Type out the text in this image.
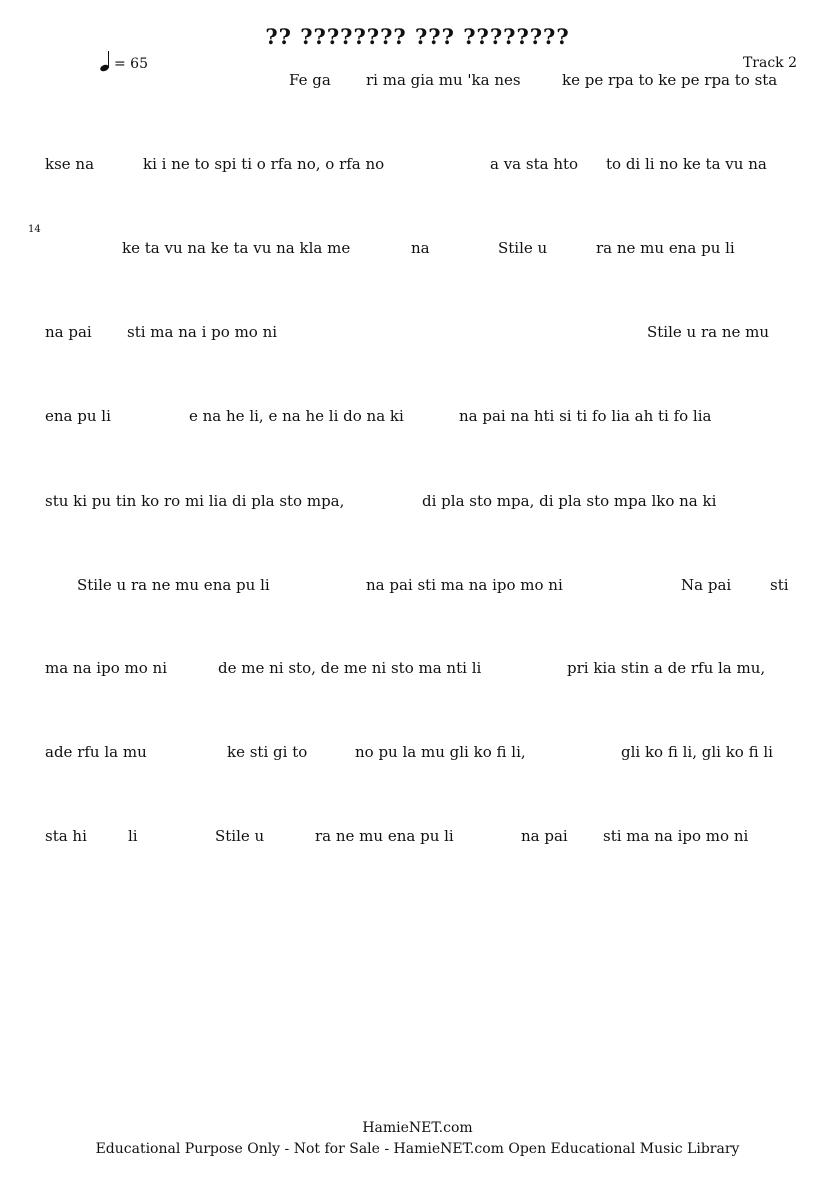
?? ???????? ??? ????????
= 65	Track 2
14
Fe ga ri ma gia mu 'ka nes	ke pe rpa to ke pe rpa to sta
kse na	ki i ne to spi ti o rfa no, o rfa no	a va sta hto to di li no ke ta vu na
ke ta vu na ke ta vu na kla me	na	Stile u	ra ne mu ena pu li
na pai sti ma na i po mo ni	Stile u ra ne mu
ena pu li	e na he li, e na he li do na ki	na pai na hti si ti fo lia ah ti fo lia
stu ki pu tin ko ro mi lia di pla sto mpa,	di pla sto mpa, di pla sto mpa lko na ki
Stile u ra ne mu ena pu li	na pai sti ma na ipo mo ni	Na pai	sti
ma na ipo mo ni	de me ni sto, de me ni sto ma nti li	pri kia stin a de rfu la mu,
ade rfu la mu	ke sti gi to	no pu la mu gli ko fi li,	gli ko fi li, gli ko fi li
sta hi	li	Stile u	ra ne mu ena pu li	na pai sti ma na ipo mo ni
HamieNET.com
Educational Purpose Only - Not for Sale - HamieNET.com Open Educational Music Library
